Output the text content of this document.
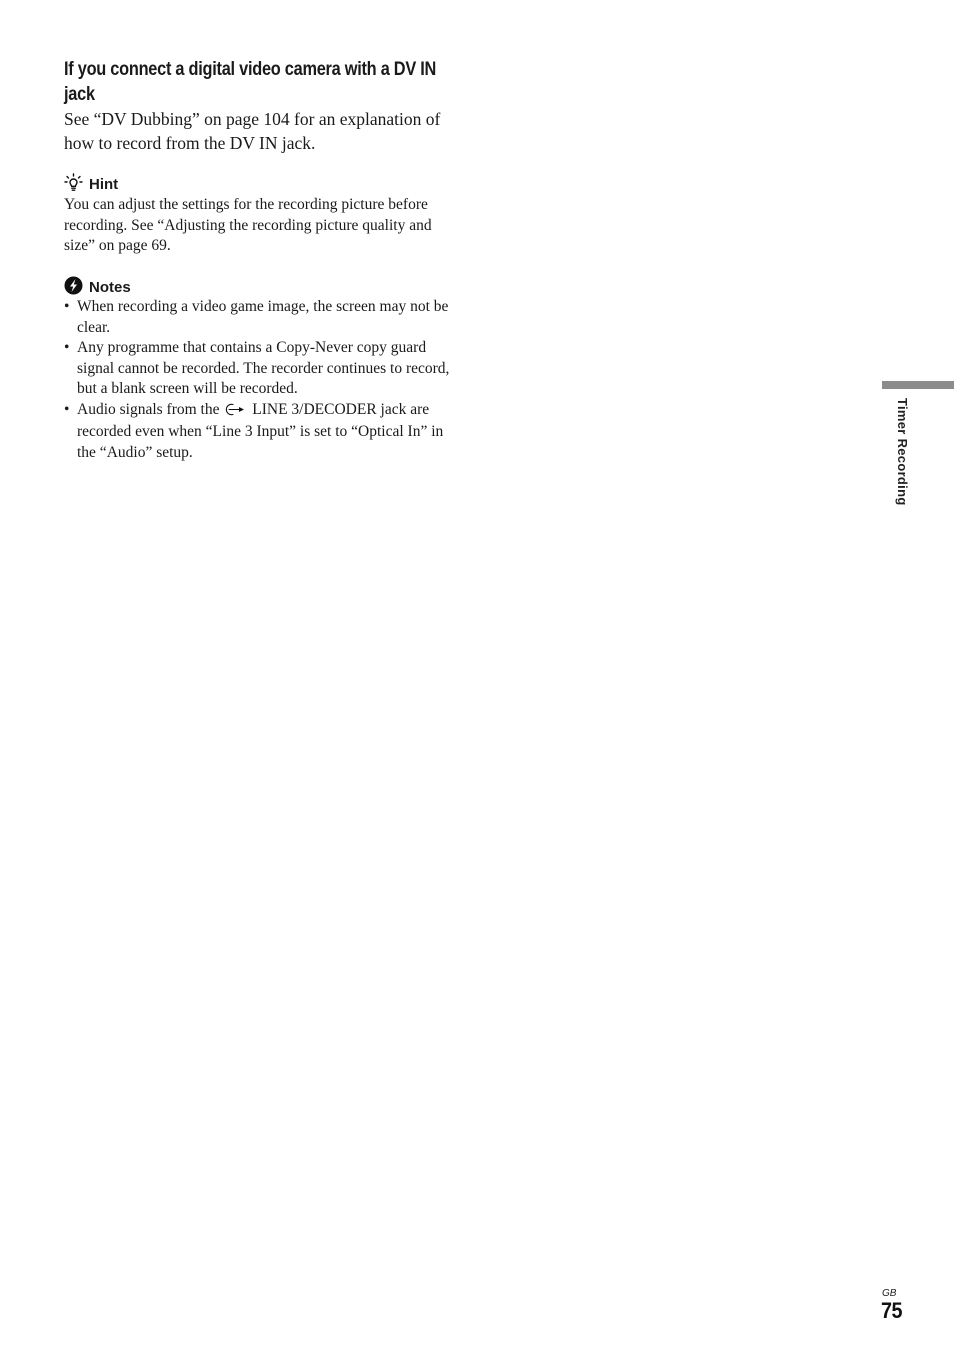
If you connect a digital video camera with a DV IN jack

See “DV Dubbing” on page 104 for an explanation of how to record from the DV IN jack.

Hint

You can adjust the settings for the recording picture before recording. See “Adjusting the recording picture quality and size” on page 69.

Notes
• When recording a video game image, the screen may not be clear.
• Any programme that contains a Copy-Never copy guard signal cannot be recorded. The recorder continues to record, but a blank screen will be recorded.
• Audio signals from the LINE 3/DECODER jack are recorded even when “Line 3 Input” is set to “Optical In” in the “Audio” setup.	Timer Recording
GB
75
